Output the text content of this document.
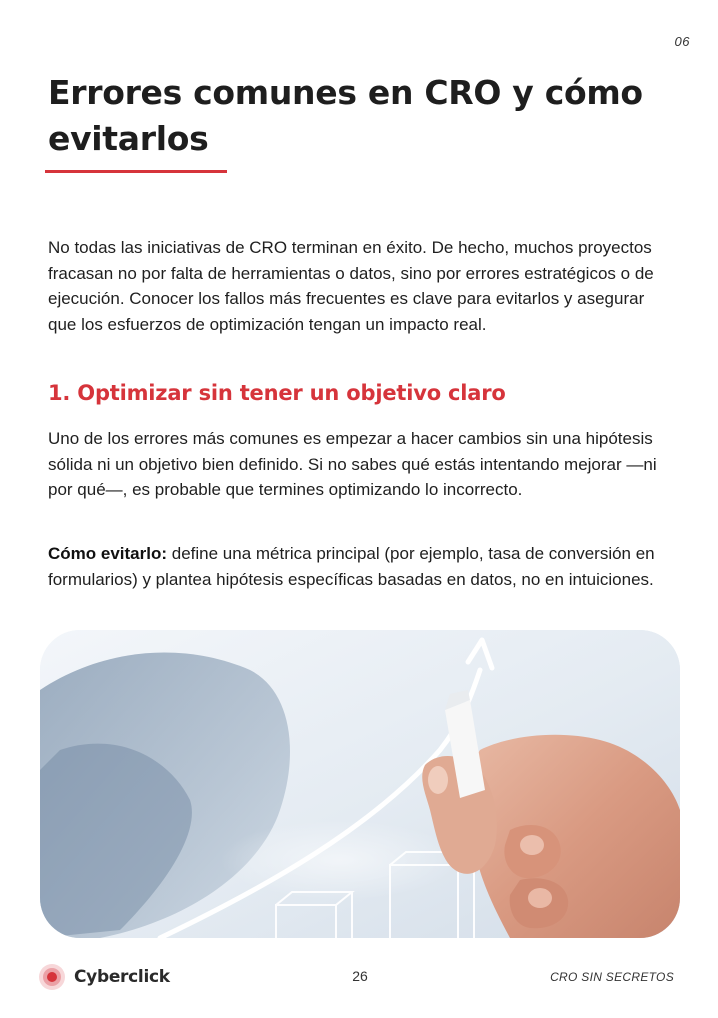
06
Errores comunes en CRO y cómo evitarlos

No todas las iniciativas de CRO terminan en éxito. De hecho, muchos proyectos fracasan no por falta de herramientas o datos, sino por errores estratégicos o de ejecución. Conocer los fallos más frecuentes es clave para evitarlos y asegurar que los esfuerzos de optimización tengan un impacto real.

1. Optimizar sin tener un objetivo claro

Uno de los errores más comunes es empezar a hacer cambios sin una hipótesis sólida ni un objetivo bien definido. Si no sabes qué estás intentando mejorar —ni por qué—, es probable que termines optimizando lo incorrecto.

Cómo evitarlo: define una métrica principal (por ejemplo, tasa de conversión en formularios) y plantea hipótesis específicas basadas en datos, no en intuiciones.

Cyberclick	26	CRO SIN SECRETOS
